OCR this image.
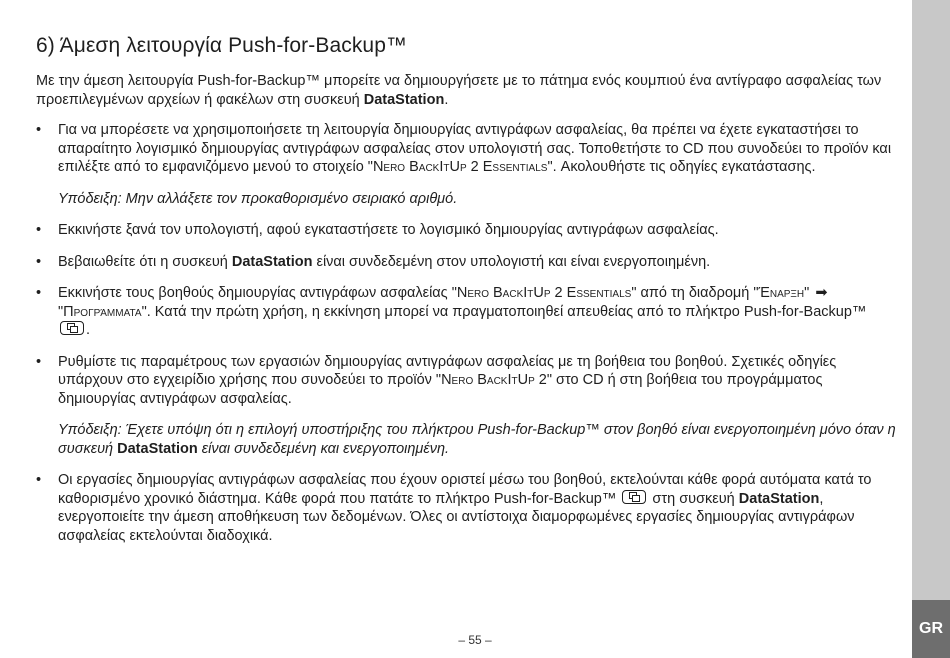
6) Άμεση λειτουργία Push-for-Backup™

Με την άμεση λειτουργία Push-for-Backup™ μπορείτε να δημιουργήσετε με το πάτημα ενός κουμπιού ένα αντίγραφο ασφαλείας των προεπιλεγμένων αρχείων ή φακέλων στη συσκευή DataStation.

• Για να μπορέσετε να χρησιμοποιήσετε τη λειτουργία δημιουργίας αντιγράφων ασφαλείας, θα πρέπει να έχετε εγκαταστήσει το απαραίτητο λογισμικό δημιουργίας αντιγράφων ασφαλείας στον υπολογιστή σας. Τοποθετήστε το CD που συνοδεύει το προϊόν και επιλέξτε από το εμφανιζόμενο μενού το στοιχείο "Nero BackItUp 2 Essentials". Ακολουθήστε τις οδηγίες εγκατάστασης.
Υπόδειξη: Μην αλλάξετε τον προκαθορισμένο σειριακό αριθμό.
• Εκκινήστε ξανά τον υπολογιστή, αφού εγκαταστήσετε το λογισμικό δημιουργίας αντιγράφων ασφαλείας.
• Βεβαιωθείτε ότι η συσκευή DataStation είναι συνδεδεμένη στον υπολογιστή και είναι ενεργοποιημένη.
• Εκκινήστε τους βοηθούς δημιουργίας αντιγράφων ασφαλείας "Nero BackItUp 2 Essentials" από τη διαδρομή "Έναρξη" ➡ "Προγράμματα". Κατά την πρώτη χρήση, η εκκίνηση μπορεί να πραγματοποιηθεί απευθείας από το πλήκτρο Push-for-Backup™ .
• Ρυθμίστε τις παραμέτρους των εργασιών δημιουργίας αντιγράφων ασφαλείας με τη βοήθεια του βοηθού. Σχετικές οδηγίες υπάρχουν στο εγχειρίδιο χρήσης που συνοδεύει το προϊόν "Nero BackItUp 2" στο CD ή στη βοήθεια του προγράμματος δημιουργίας αντιγράφων ασφαλείας.
Υπόδειξη: Έχετε υπόψη ότι η επιλογή υποστήριξης του πλήκτρου Push-for-Backup™ στον βοηθό είναι ενεργοποιημένη μόνο όταν η συσκευή DataStation είναι συνδεδεμένη και ενεργοποιημένη.
• Οι εργασίες δημιουργίας αντιγράφων ασφαλείας που έχουν οριστεί μέσω του βοηθού, εκτελούνται κάθε φορά αυτόματα κατά το καθορισμένο χρονικό διάστημα. Κάθε φορά που πατάτε το πλήκτρο Push-for-Backup™  στη συσκευή DataStation, ενεργοποιείτε την άμεση αποθήκευση των δεδομένων. Όλες οι αντίστοιχα διαμορφωμένες εργασίες δημιουργίας αντιγράφων ασφαλείας εκτελούνται διαδοχικά.
– 55 –
GR
